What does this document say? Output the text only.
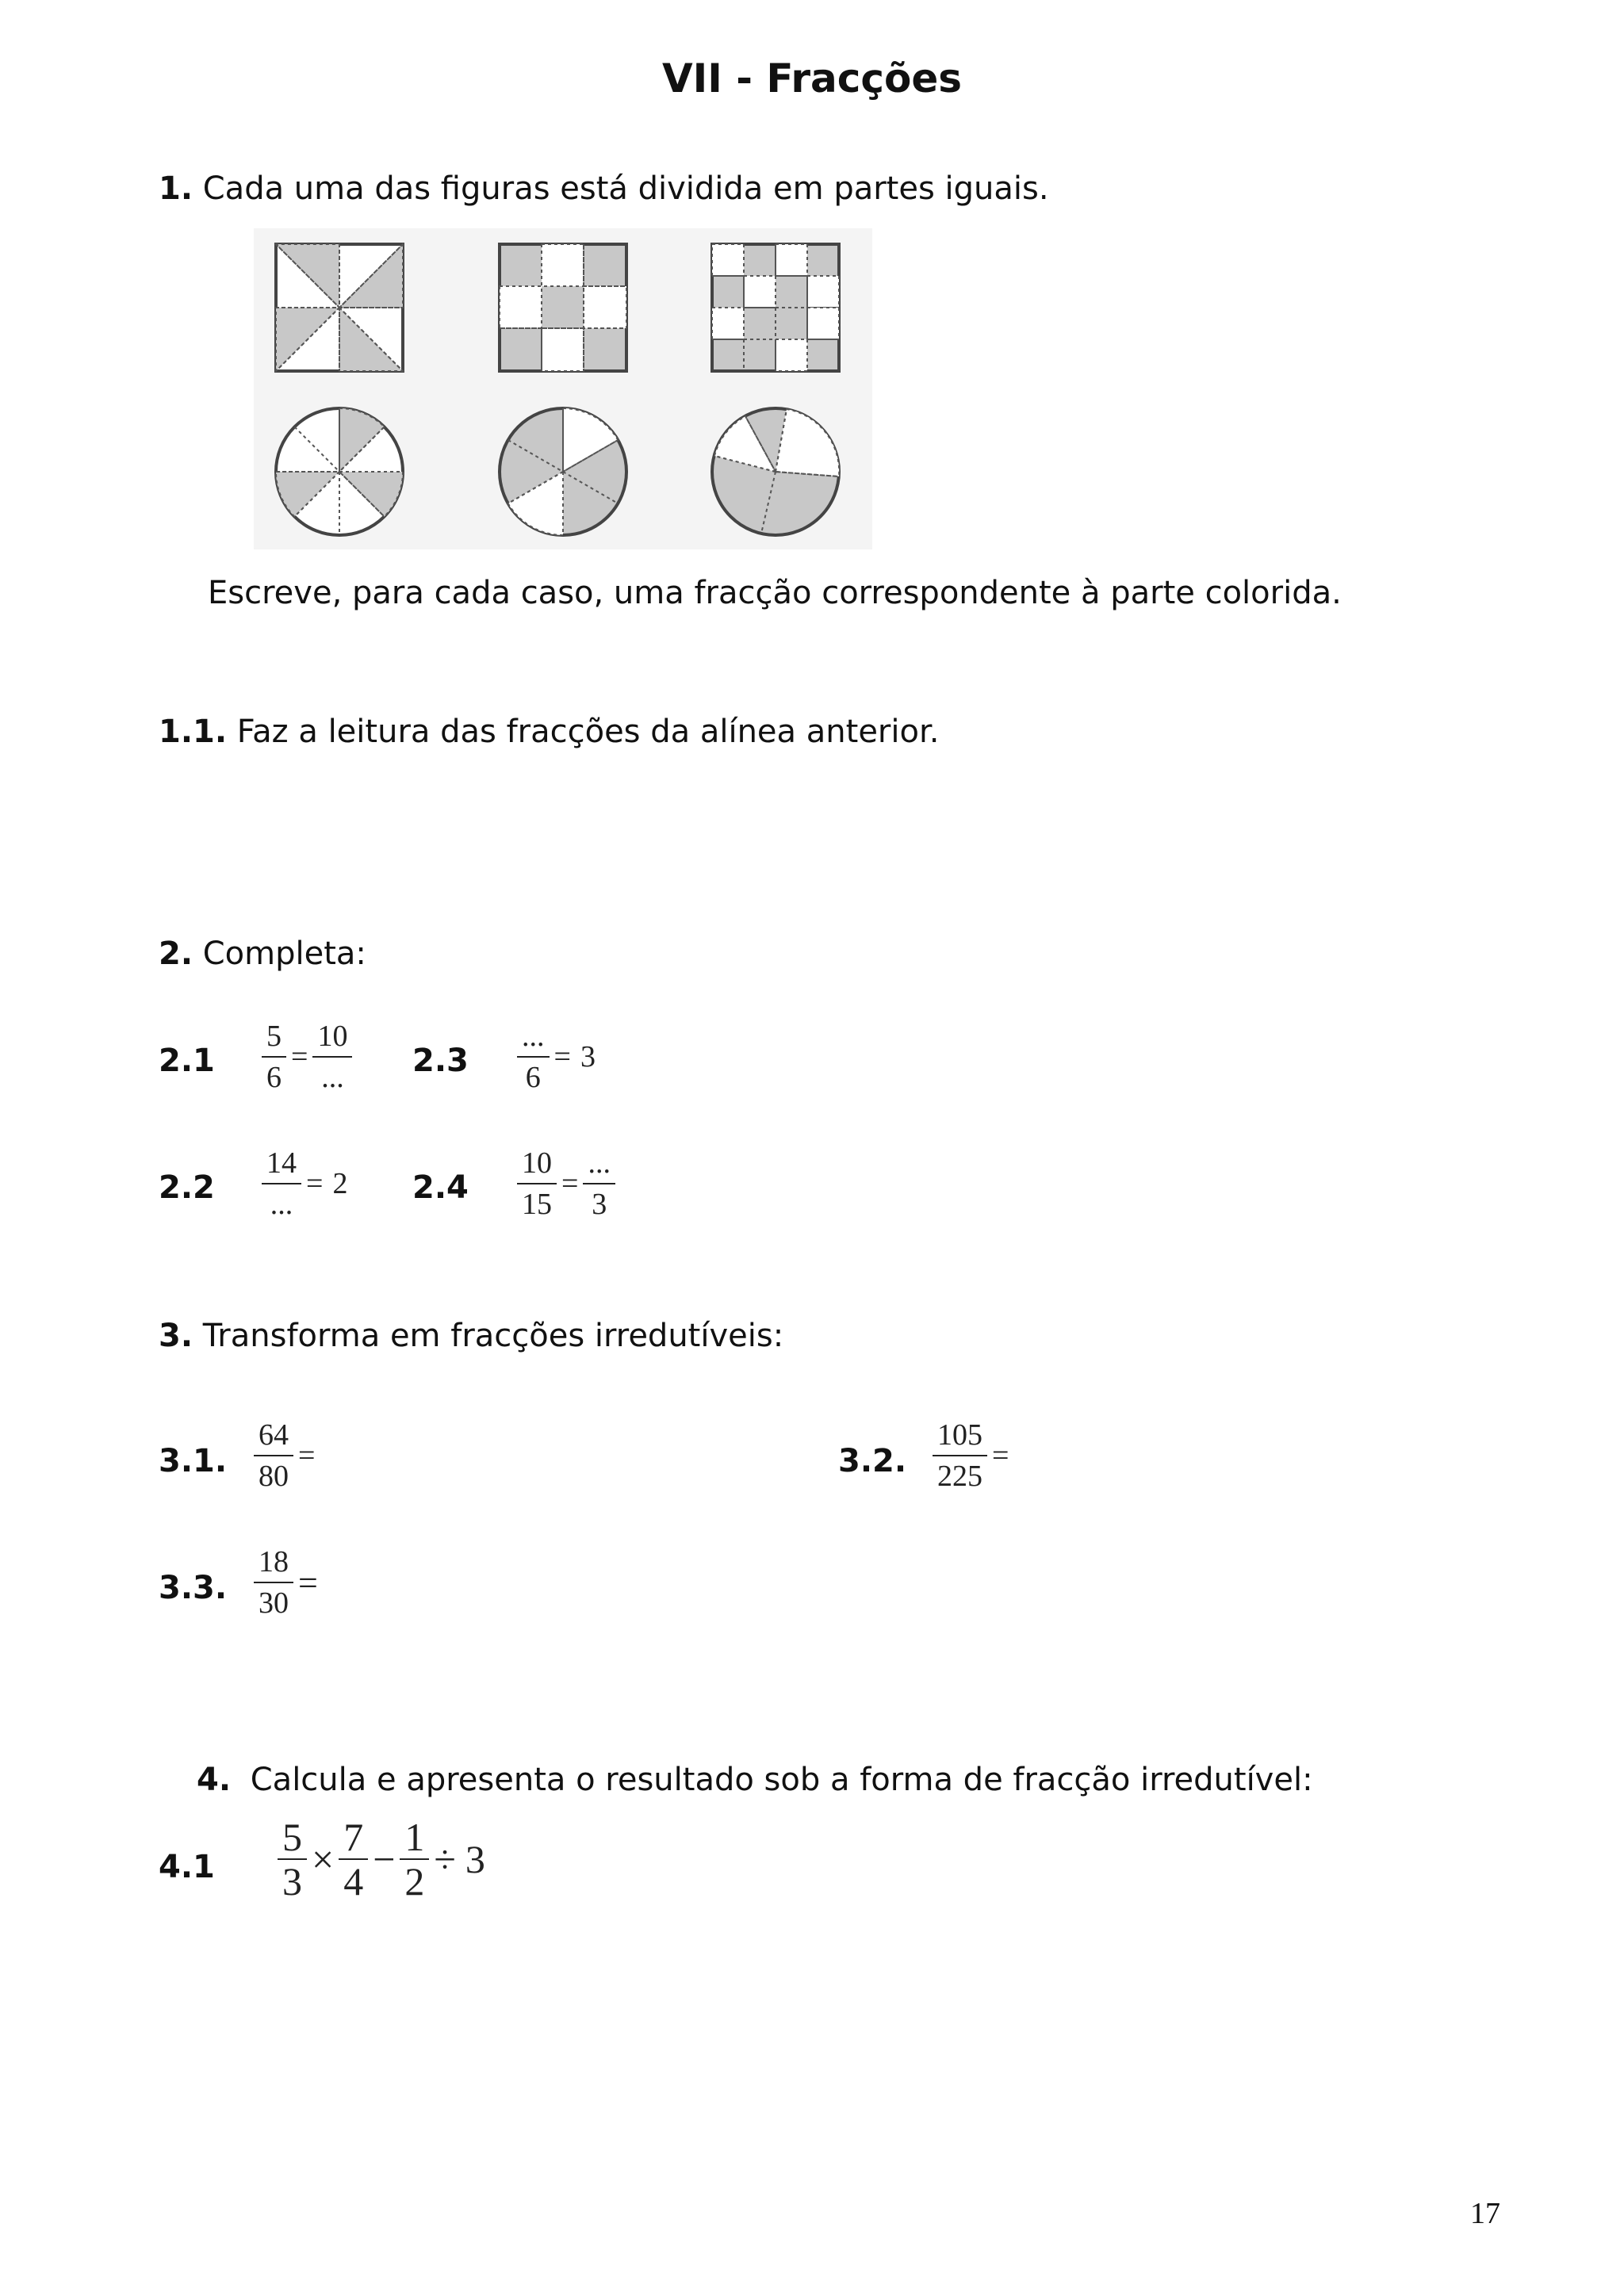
VII - Fracções
1. Cada uma das figuras está dividida em partes iguais.
Escreve, para cada caso, uma fracção correspondente à parte colorida.
1.1. Faz a leitura das fracções da alínea anterior.
2. Completa:
$2.1 \frac{5}{6}$ =
10
... 2.3
...
6
= 3
2.2
14
...
= 2 $2.4 \frac{10}{15}$ =
...
3
3. Transforma em fracções irredutíveis:
3.1. $\frac{64}{80}$ =	3.2. $\frac{105}{225}$ =
3.3. $\frac{18}{30}$ =
4. Calcula e apresenta o resultado sob a forma de fracção irredutível:
$4.1 \frac{5}{3} \times \frac{7}{4} - \frac{1}{2} \div 3$
17
